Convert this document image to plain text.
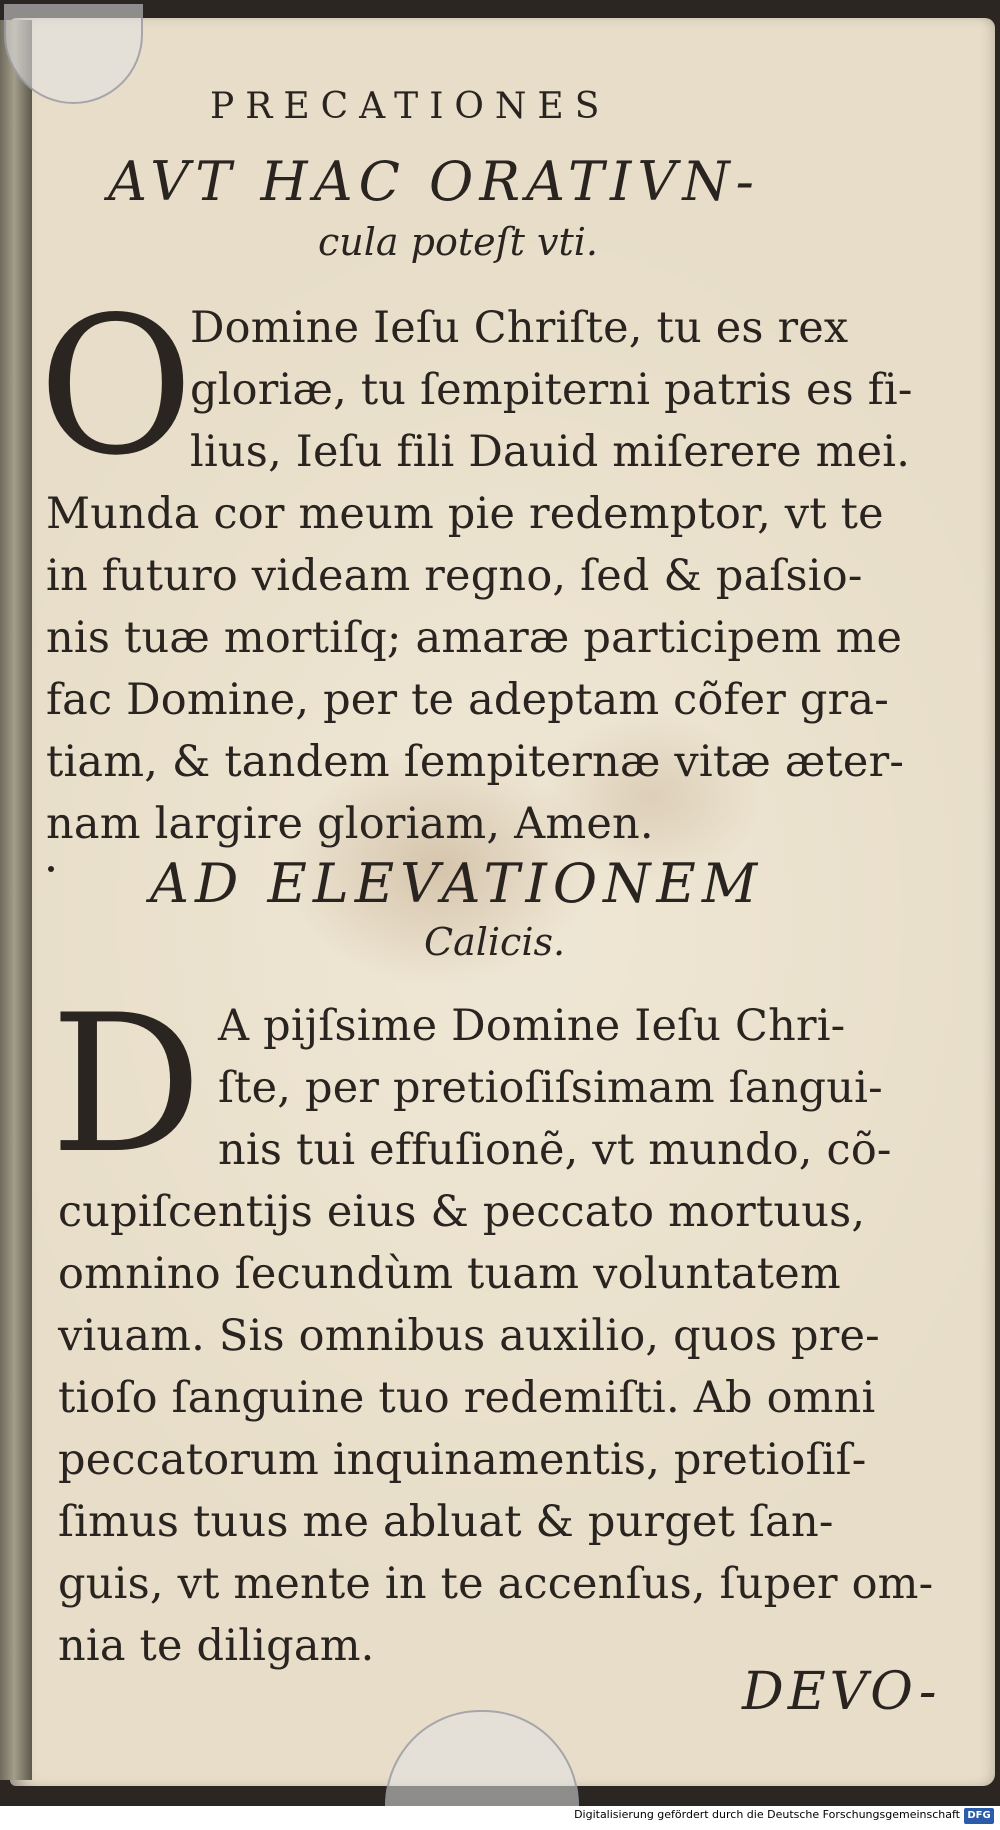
PRECATIONES
AVT HAC ORATIVN-
cula poteſt vti.
O
Domine Ieſu Chriſte, tu es rex
gloriæ, tu ſempiterni patris es fi-
lius, Ieſu fili Dauid miſerere mei.
Munda cor meum pie redemptor, vt te
in futuro videam regno, ſed & paſsio-
nis tuæ mortiſq; amaræ participem me
fac Domine, per te adeptam cõfer gra-
tiam, & tandem ſempiternæ vitæ æter-
nam largire gloriam, Amen.
AD ELEVATIONEM
Calicis.
D A pijſsime Domine Ieſu Chri-
ſte, per pretioſiſsimam ſangui-
nis tui effuſionẽ, vt mundo, cõ-
cupiſcentijs eius & peccato mortuus,
omnino ſecundùm tuam voluntatem
viuam. Sis omnibus auxilio, quos pre-
tioſo ſanguine tuo redemiſti. Ab omni
peccatorum inquinamentis, pretioſiſ-
ſimus tuus me abluat & purget ſan-
guis, vt mente in te accenſus, ſuper om-
nia te diligam.
DEVO-
Digitalisierung gefördert durch die Deutsche Forschungsgemeinschaft DFG
